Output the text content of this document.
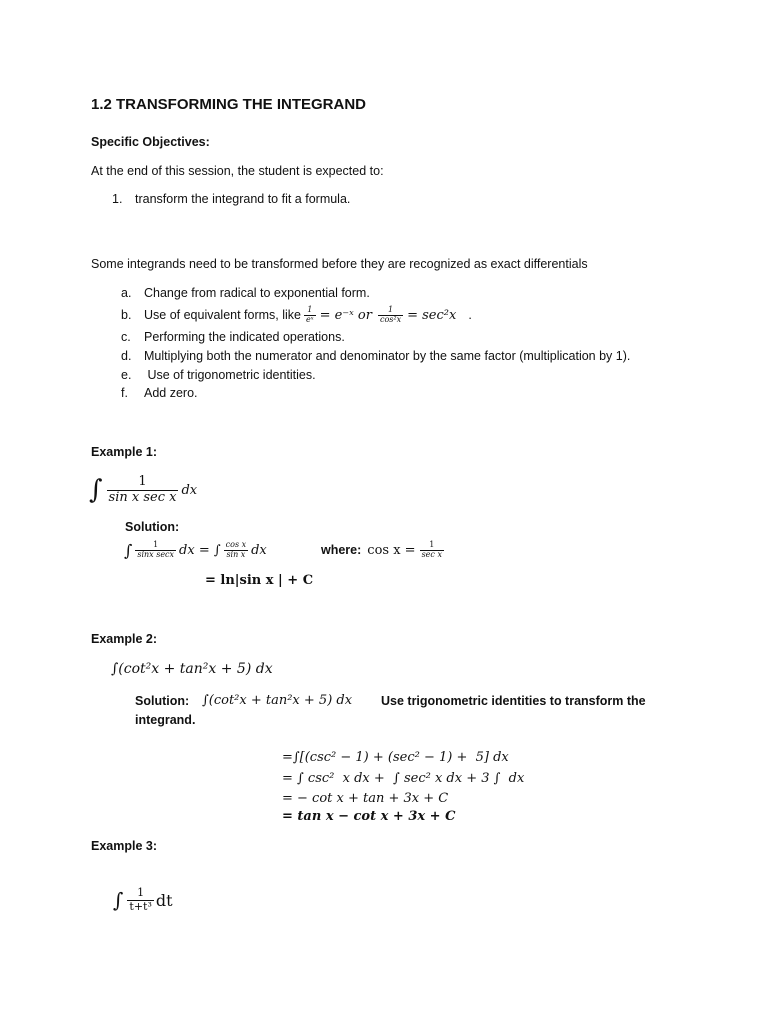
1.2 TRANSFORMING THE INTEGRAND
Specific Objectives:
At the end of this session, the student is expected to:
1. transform the integrand to fit a formula.
Some integrands need to be transformed before they are recognized as exact differentials
a. Change from radical to exponential form.
b. Use of equivalent forms, like $\frac{1}{\text{eˣ}}$ = e⁻ˣ or $\frac{1}{\text{cos²x}} = \sec^2x$ .
c. Performing the indicated operations.
d. Multiplying both the numerator and denominator by the same factor (multiplication by 1).
e. Use of trigonometric identities.
f. Add zero.
Example 1:
∫ $\frac{1}{\text{sin x sec x}}$ dx
Solution:
∫ $\frac{1}{\text{sinx secx}}$ dx = ∫ $\frac{\text{cos x}}{\text{sin x}}$ dx	where: $\cos x = \frac{1}{\text{sec x}}$
= ln|sin x | + C
Example 2:
∫(cot²x + tan²x + 5) dx
Solution: ∫(cot²x + tan²x + 5) dx Use trigonometric identities to transform the
integrand.
=∫[(csc² − 1) + (sec² − 1) +  5] dx
= ∫ csc²  x dx +  ∫ sec² x dx + 3 ∫  dx
= − cot x + tan + 3x + C
= tan x − cot x + 3x + C
Example 3:
∫ $\frac{1}{\text{t+t³}}$ dt
